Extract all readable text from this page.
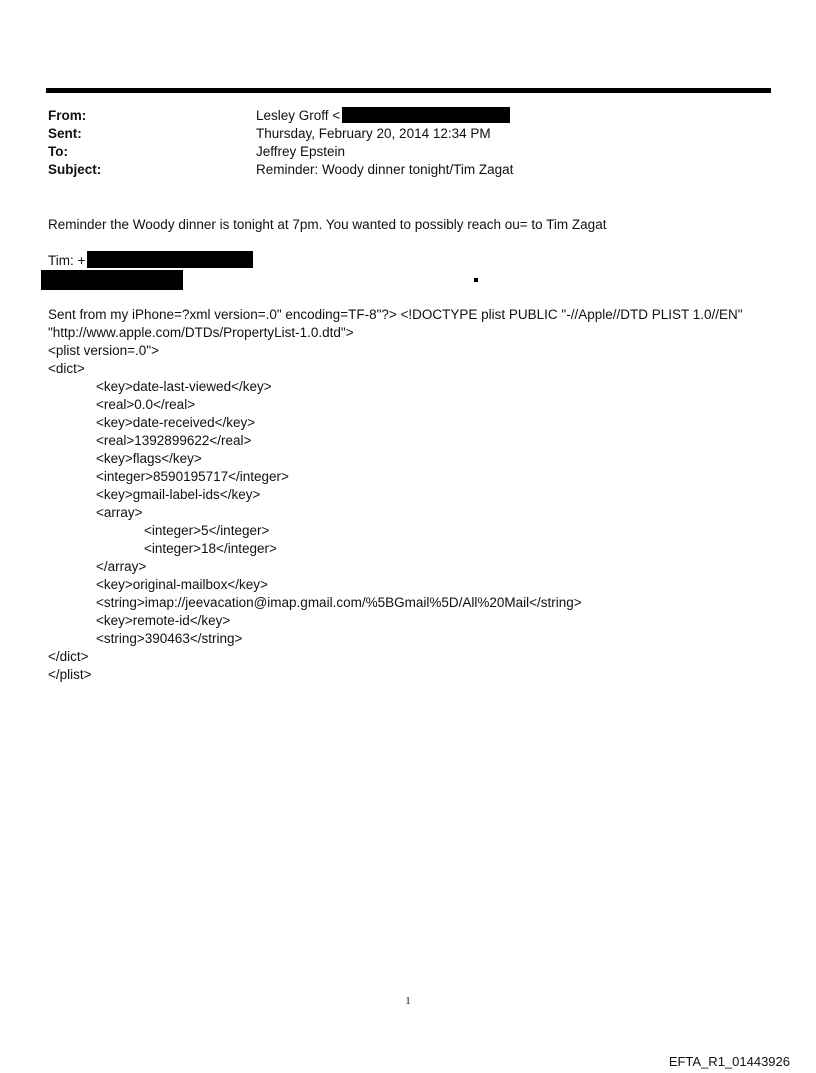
From:	Lesley Groff <
Sent:	Thursday, February 20, 2014 12:34 PM
To:	Jeffrey Epstein
Subject:	Reminder: Woody dinner tonight/Tim Zagat
Reminder the Woody dinner is tonight at 7pm. You wanted to possibly reach ou= to Tim Zagat
Tim: +
Sent from my iPhone=?xml version=.0" encoding=TF-8"?> <!DOCTYPE plist PUBLIC "-//Apple//DTD PLIST 1.0//EN"
"http://www.apple.com/DTDs/PropertyList-1.0.dtd">
<plist version=.0">
<dict>
<key>date-last-viewed</key>
<real>0.0</real>
<key>date-received</key>
<real>1392899622</real>
<key>flags</key>
<integer>8590195717</integer>
<key>gmail-label-ids</key>
<array>
<integer>5</integer>
<integer>18</integer>
</array>
<key>original-mailbox</key>
<string>imap://jeevacation@imap.gmail.com/%5BGmail%5D/All%20Mail</string>
<key>remote-id</key>
<string>390463</string>
</dict>
</plist>
1
EFTA_R1_01443926
